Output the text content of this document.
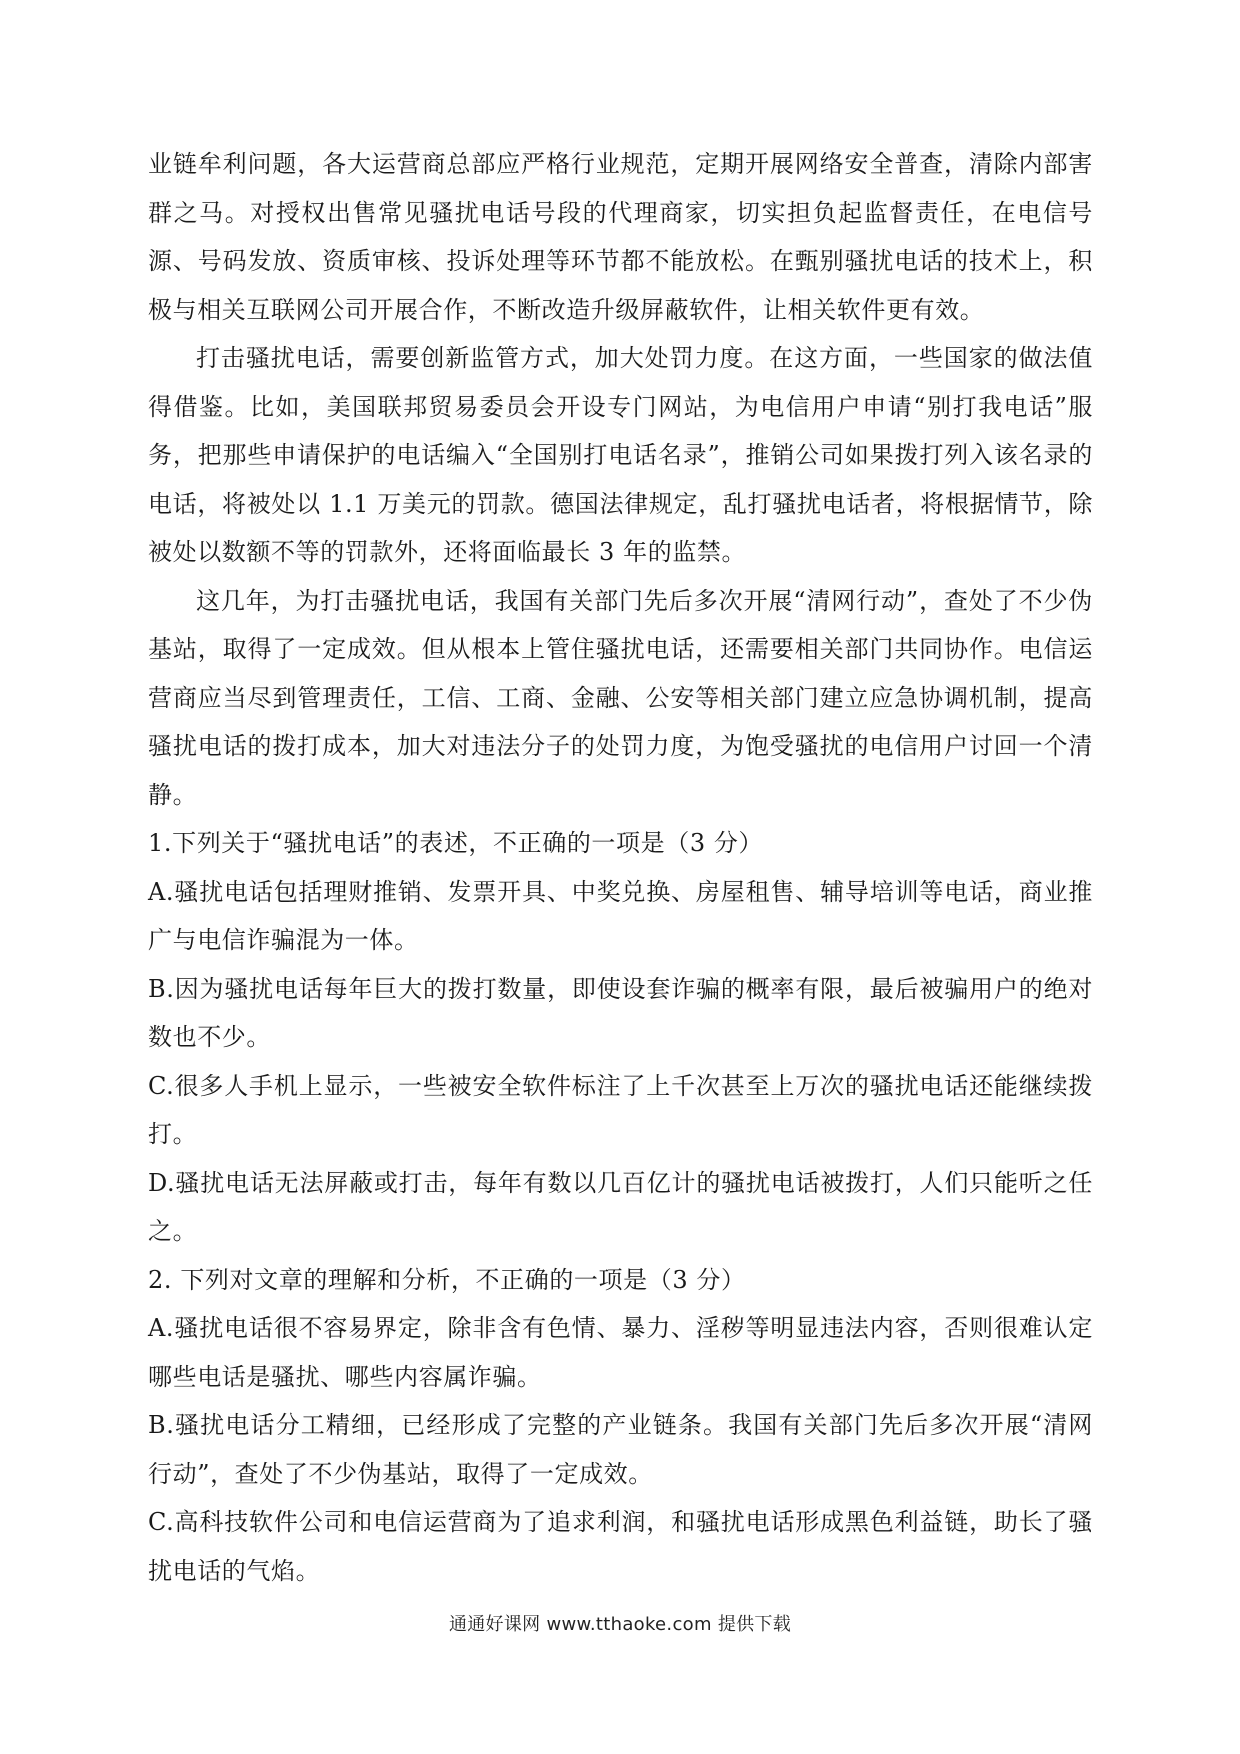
业链牟利问题，各大运营商总部应严格行业规范，定期开展网络安全普查，清除内部害群之马。对授权出售常见骚扰电话号段的代理商家，切实担负起监督责任，在电信号源、号码发放、资质审核、投诉处理等环节都不能放松。在甄别骚扰电话的技术上，积极与相关互联网公司开展合作，不断改造升级屏蔽软件，让相关软件更有效。

打击骚扰电话，需要创新监管方式，加大处罚力度。在这方面，一些国家的做法值得借鉴。比如，美国联邦贸易委员会开设专门网站，为电信用户申请“别打我电话”服务，把那些申请保护的电话编入“全国别打电话名录”，推销公司如果拨打列入该名录的电话，将被处以 1.1 万美元的罚款。德国法律规定，乱打骚扰电话者，将根据情节，除被处以数额不等的罚款外，还将面临最长 3 年的监禁。

这几年，为打击骚扰电话，我国有关部门先后多次开展“清网行动”，查处了不少伪基站，取得了一定成效。但从根本上管住骚扰电话，还需要相关部门共同协作。电信运营商应当尽到管理责任，工信、工商、金融、公安等相关部门建立应急协调机制，提高骚扰电话的拨打成本，加大对违法分子的处罚力度，为饱受骚扰的电信用户讨回一个清静。

1.下列关于“骚扰电话”的表述，不正确的一项是（3 分）

A.骚扰电话包括理财推销、发票开具、中奖兑换、房屋租售、辅导培训等电话，商业推广与电信诈骗混为一体。

B.因为骚扰电话每年巨大的拨打数量，即使设套诈骗的概率有限，最后被骗用户的绝对数也不少。

C.很多人手机上显示，一些被安全软件标注了上千次甚至上万次的骚扰电话还能继续拨打。

D.骚扰电话无法屏蔽或打击，每年有数以几百亿计的骚扰电话被拨打，人们只能听之任之。

2. 下列对文章的理解和分析，不正确的一项是（3 分）

A.骚扰电话很不容易界定，除非含有色情、暴力、淫秽等明显违法内容，否则很难认定哪些电话是骚扰、哪些内容属诈骗。

B.骚扰电话分工精细，已经形成了完整的产业链条。我国有关部门先后多次开展“清网行动”，查处了不少伪基站，取得了一定成效。

C.高科技软件公司和电信运营商为了追求利润，和骚扰电话形成黑色利益链，助长了骚扰电话的气焰。

通通好课网 www.tthaoke.com 提供下载
